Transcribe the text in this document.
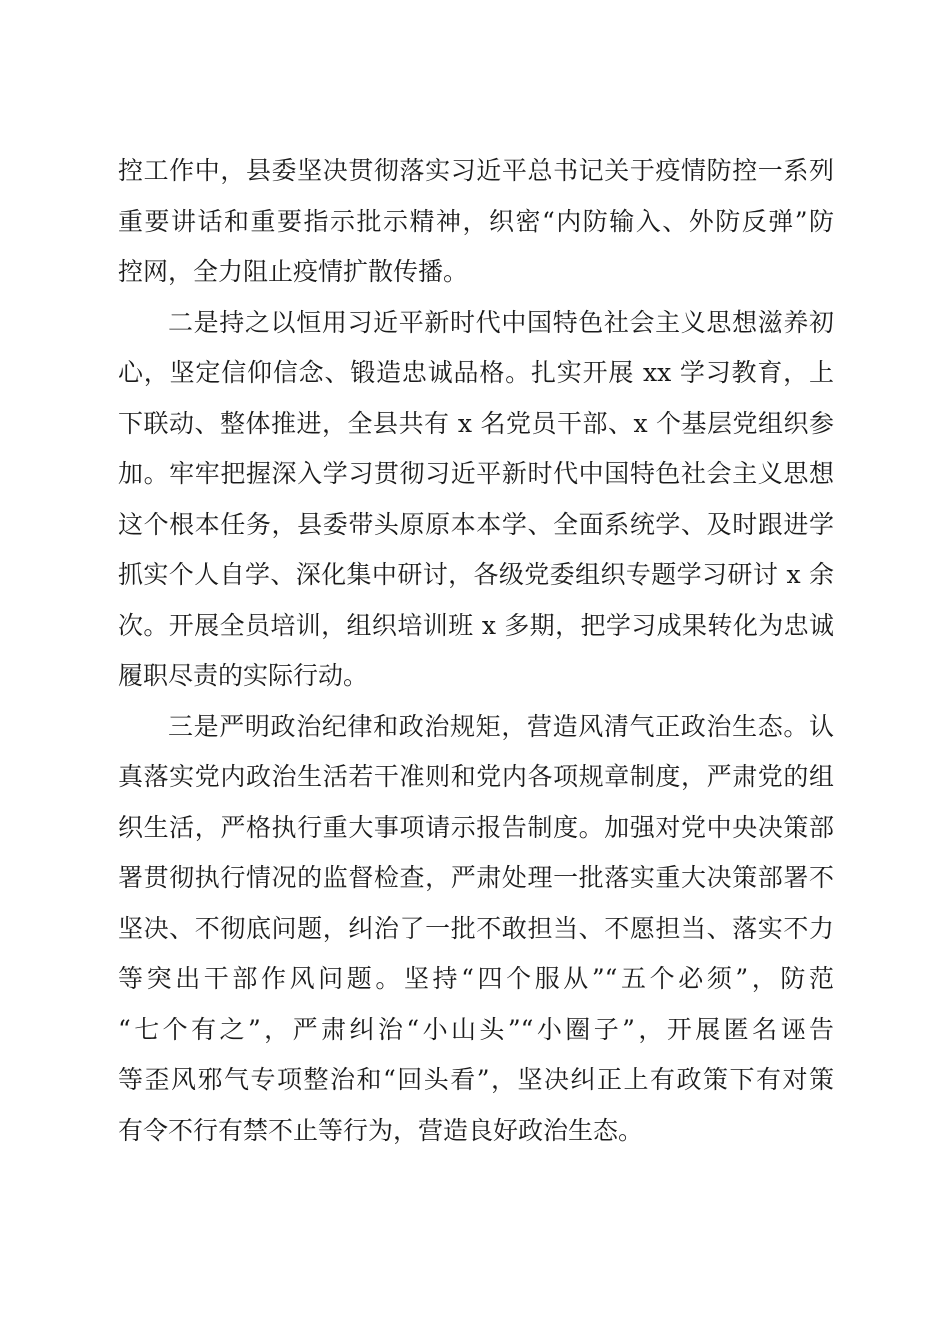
控工作中，县委坚决贯彻落实习近平总书记关于疫情防控一系列
重要讲话和重要指示批示精神，织密“内防输入、外防反弹”防
控网，全力阻止疫情扩散传播。
二是持之以恒用习近平新时代中国特色社会主义思想滋养初
心，坚定信仰信念、锻造忠诚品格。扎实开展 xx 学习教育，上
下联动、整体推进，全县共有 x 名党员干部、x 个基层党组织参
加。牢牢把握深入学习贯彻习近平新时代中国特色社会主义思想
这个根本任务，县委带头原原本本学、全面系统学、及时跟进学
抓实个人自学、深化集中研讨，各级党委组织专题学习研讨 x 余
次。开展全员培训，组织培训班 x 多期，把学习成果转化为忠诚
履职尽责的实际行动。
三是严明政治纪律和政治规矩，营造风清气正政治生态。认
真落实党内政治生活若干准则和党内各项规章制度，严肃党的组
织生活，严格执行重大事项请示报告制度。加强对党中央决策部
署贯彻执行情况的监督检查，严肃处理一批落实重大决策部署不
坚决、不彻底问题，纠治了一批不敢担当、不愿担当、落实不力
等突出干部作风问题。坚持“四个服从”“五个必须”，防范
“七个有之”，严肃纠治“小山头”“小圈子”，开展匿名诬告
等歪风邪气专项整治和“回头看”，坚决纠正上有政策下有对策
有令不行有禁不止等行为，营造良好政治生态。
